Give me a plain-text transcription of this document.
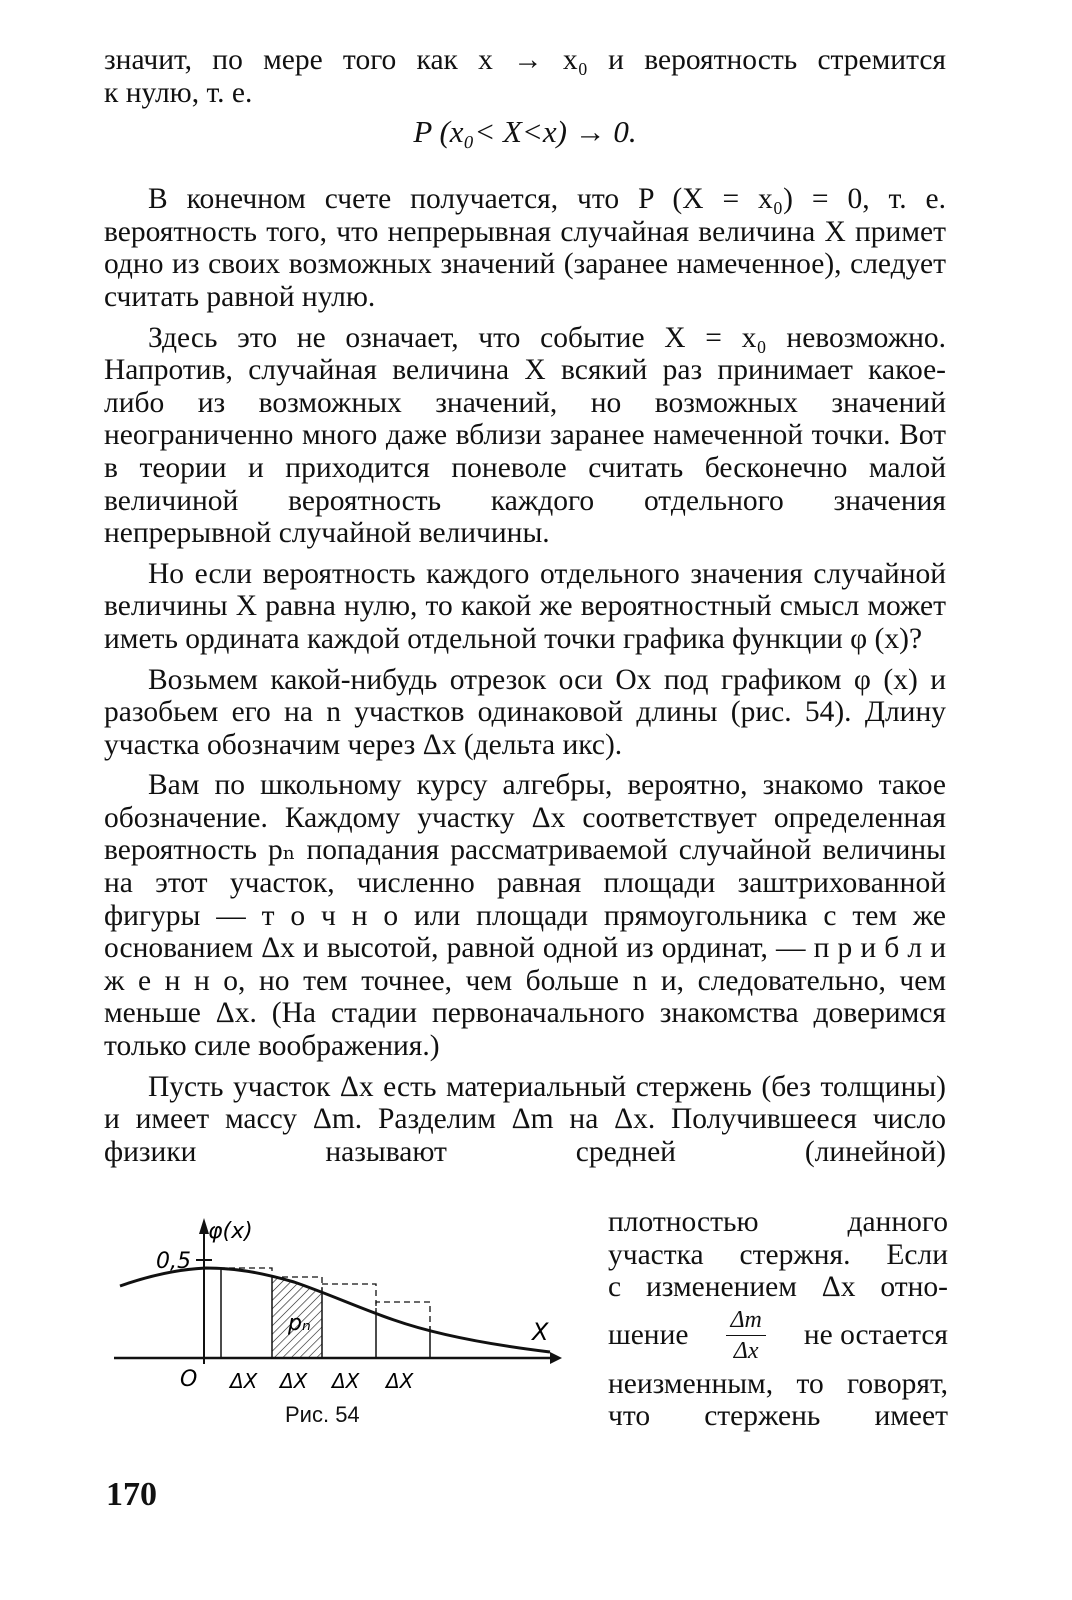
значит, по мере того как x → x₀ и вероятность стремится

к нулю, т. е.

P (x₀< X<x) → 0.

В конечном счете получается, что P (X = x₀) = 0, т. е. вероятность того, что непрерывная случайная величина X примет одно из своих возможных значений (заранее намеченное), следует считать равной нулю.

Здесь это не означает, что событие X = x₀ невозможно. Напротив, случайная величина X всякий раз принимает какое-либо из возможных значений, но возможных значений неограниченно много даже вблизи заранее намеченной точки. Вот в теории и приходится поневоле считать бесконечно малой величиной вероятность каждого отдельного значения непрерывной случайной величины.

Но если вероятность каждого отдельного значения случайной величины X равна нулю, то какой же вероятностный смысл может иметь ордината каждой отдельной точки графика функции φ (x)?

Возьмем какой-нибудь отрезок оси Ox под графиком φ (x) и разобьем его на n участков одинаковой длины (рис. 54). Длину участка обозначим через Δx (дельта икс).

Вам по школьному курсу алгебры, вероятно, знакомо такое обозначение. Каждому участку Δx соответствует определенная вероятность pₙ попадания рассматриваемой случайной величины на этот участок, численно равная площади заштрихованной фигуры — т о ч н о или площади прямоугольника с тем же основанием Δx и высотой, равной одной из ординат, — п р и б л и ж е н н о, но тем точнее, чем больше n и, следовательно, чем меньше Δx. (На стадии первоначального знакомства доверимся только силе воображения.)

Пусть участок Δx есть материальный стержень (без толщины) и имеет массу Δm. Разделим Δm на Δx. Получившееся число физики называют средней (линейной)

плотностью данного

участка стержня. Если

с изменением Δx отно-

шение $\frac{\Delta m}{\Delta x}$ не остается

неизменным, то говорят,

что стержень имеет

φ(x)
0,5
X
O
pₙ
ΔX ΔX ΔX ΔX
Рис. 54
170
